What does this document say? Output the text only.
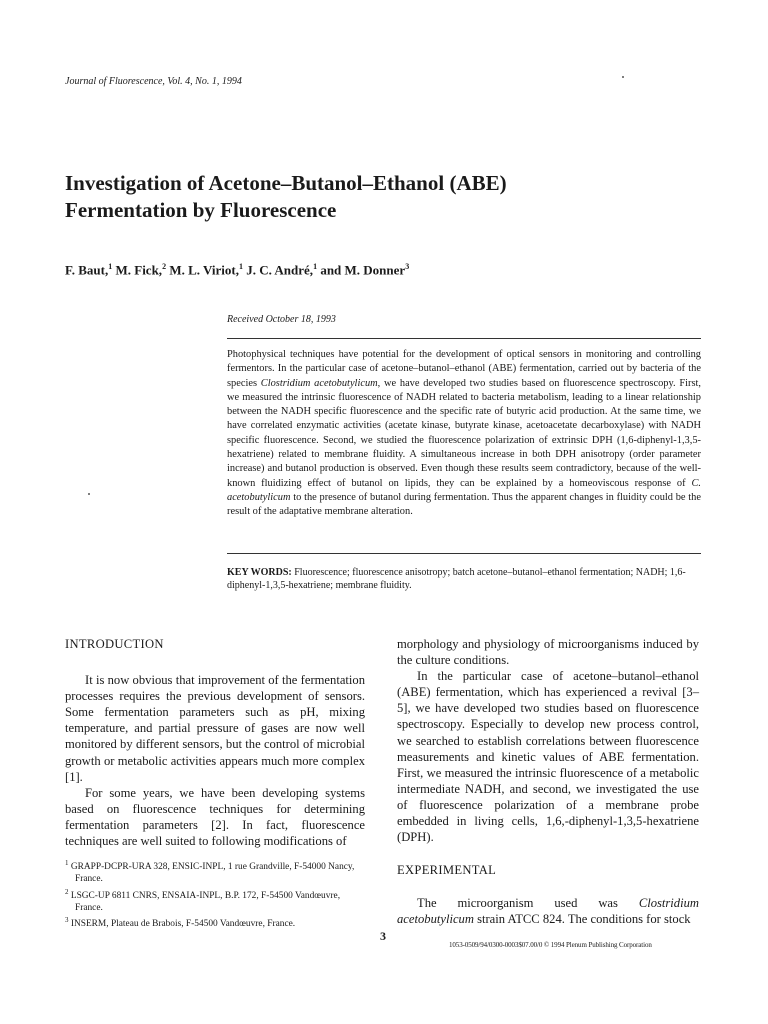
Journal of Fluorescence, Vol. 4, No. 1, 1994
Investigation of Acetone–Butanol–Ethanol (ABE)
Fermentation by Fluorescence
F. Baut,$^1$ M. Fick,$^2$ M. L. Viriot,$^1$ J. C. André,$^1$ and M. Donner$^3$
Received October 18, 1993

Photophysical techniques have potential for the development of optical sensors in monitoring and controlling fermentors. In the particular case of acetone–butanol–ethanol (ABE) fermentation, carried out by bacteria of the species Clostridium acetobutylicum, we have developed two studies based on fluorescence spectroscopy. First, we measured the intrinsic fluorescence of NADH related to bacteria metabolism, leading to a linear relationship between the NADH specific fluorescence and the specific rate of butyric acid production. At the same time, we have correlated enzymatic activities (acetate kinase, butyrate kinase, acetoacetate decarboxylase) with NADH specific fluorescence. Second, we studied the fluorescence polarization of extrinsic DPH (1,6-diphenyl-1,3,5-hexatriene) related to membrane fluidity. A simultaneous increase in both DPH anisotropy (order parameter increase) and butanol production is observed. Even though these results seem contradictory, because of the well-known fluidizing effect of butanol on lipids, they can be explained by a homeoviscous response of C. acetobutylicum to the presence of butanol during fermentation. Thus the apparent changes in fluidity could be the result of the adaptative membrane alteration.

KEY WORDS: Fluorescence; fluorescence anisotropy; batch acetone–butanol–ethanol fermentation; NADH; 1,6-diphenyl-1,3,5-hexatriene; membrane fluidity.

INTRODUCTION

It is now obvious that improvement of the fermentation processes requires the previous development of sensors. Some fermentation parameters such as pH, mixing temperature, and partial pressure of gases are now well monitored by different sensors, but the control of microbial growth or metabolic activities appears much more complex [1].

For some years, we have been developing systems based on fluorescence techniques for determining fermentation parameters [2]. In fact, fluorescence techniques are well suited to following modifications of

morphology and physiology of microorganisms induced by the culture conditions.

In the particular case of acetone–butanol–ethanol (ABE) fermentation, which has experienced a revival [3–5], we have developed two studies based on fluorescence spectroscopy. Especially to develop new process control, we searched to establish correlations between fluorescence measurements and kinetic values of ABE fermentation. First, we measured the intrinsic fluorescence of a metabolic intermediate NADH, and second, we investigated the use of fluorescence polarization of a membrane probe embedded in living cells, 1,6,-diphenyl-1,3,5-hexatriene (DPH).

EXPERIMENTAL

The microorganism used was Clostridium acetobutylicum strain ATCC 824. The conditions for stock

$^1$ GRAPP-DCPR-URA 328, ENSIC-INPL, 1 rue Grandville, F-54000 Nancy, France.

$^2$ LSGC-UP 6811 CNRS, ENSAIA-INPL, B.P. 172, F-54500 Vandœuvre, France.

$^3$ INSERM, Plateau de Brabois, F-54500 Vandœuvre, France.

3
1053-0509/94/0300-0003$07.00/0 © 1994 Plenum Publishing Corporation
